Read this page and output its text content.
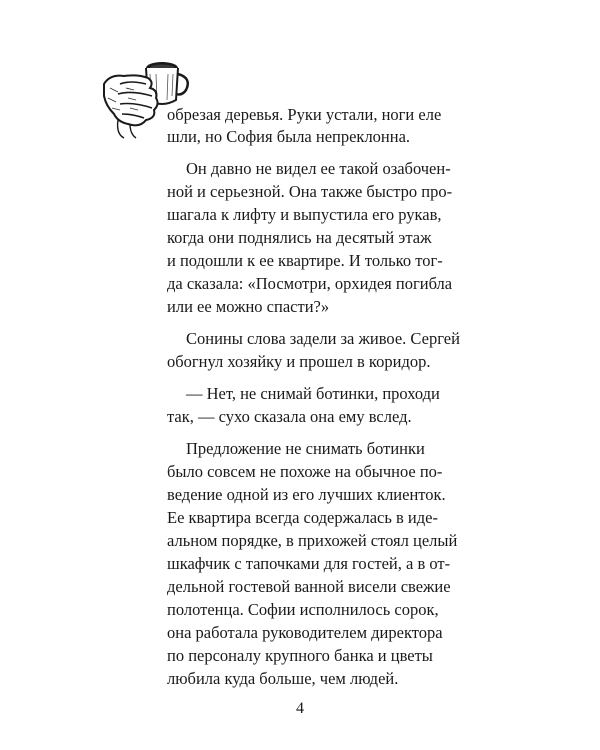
обрезая деревья. Руки устали, ноги еле
шли, но София была непреклонна.
Он давно не видел ее такой озабочен-
ной и серьезной. Она также быстро про-
шагала к лифту и выпустила его рукав,
когда они поднялись на десятый этаж
и подошли к ее квартире. И только тог-
да сказала: «Посмотри, орхидея погибла
или ее можно спасти?»
Сонины слова задели за живое. Сергей
обогнул хозяйку и прошел в коридор.
— Нет, не снимай ботинки, проходи
так, — сухо сказала она ему вслед.
Предложение не снимать ботинки
было совсем не похоже на обычное по-
ведение одной из его лучших клиенток.
Ее квартира всегда содержалась в иде-
альном порядке, в прихожей стоял целый
шкафчик с тапочками для гостей, а в от-
дельной гостевой ванной висели свежие
полотенца. Софии исполнилось сорок,
она работала руководителем директора
по персоналу крупного банка и цветы
любила куда больше, чем людей.
4
